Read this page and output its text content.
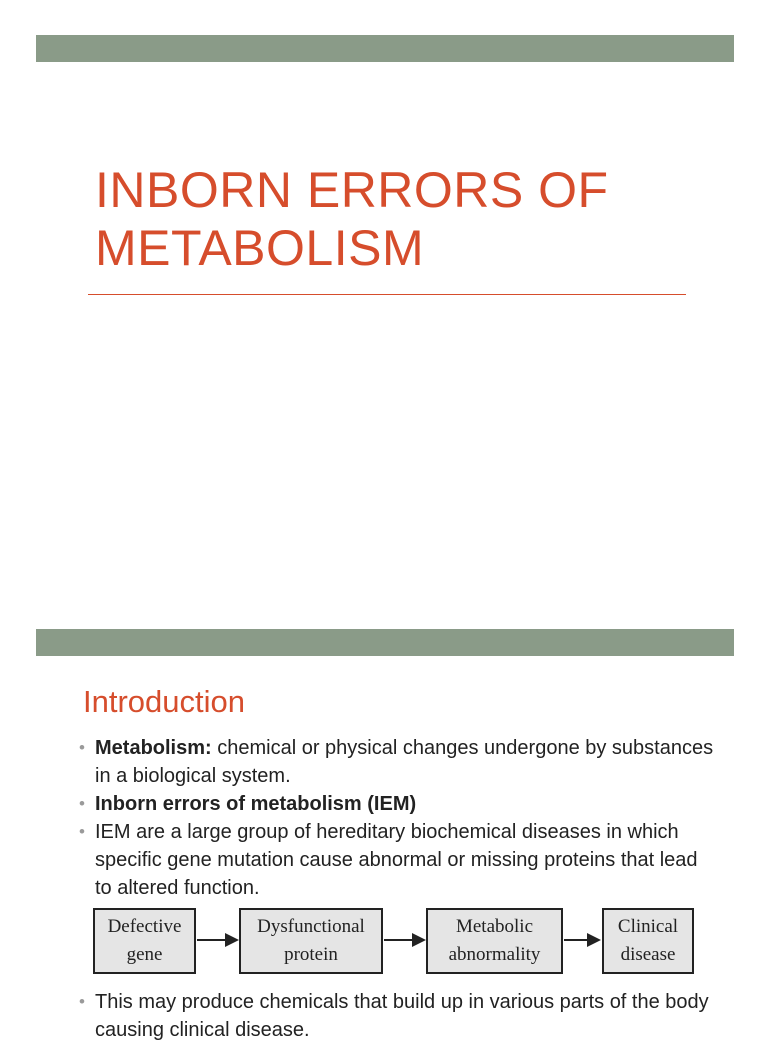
INBORN ERRORS OF
METABOLISM
Introduction
• Metabolism: chemical or physical changes undergone by substances in a biological system.
• Inborn errors of metabolism (IEM)
• IEM are a large group of hereditary biochemical diseases in which specific gene mutation cause abnormal or missing proteins that lead to altered function.
Defective
gene
Dysfunctional
protein
Metabolic
abnormality
Clinical
disease
• This may produce chemicals that build up in various parts of the body causing clinical disease.
